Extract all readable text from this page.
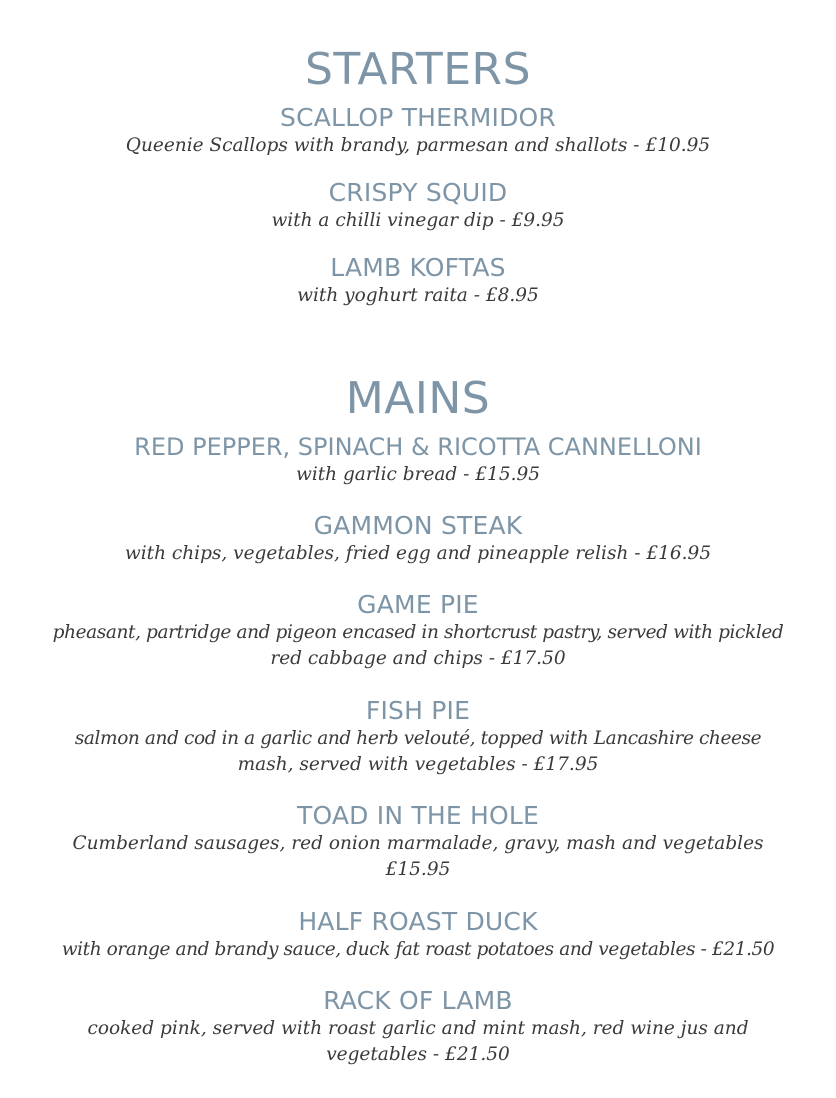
STARTERS

SCALLOP THERMIDOR

Queenie Scallops with brandy, parmesan and shallots - £10.95

CRISPY SQUID

with a chilli vinegar dip - £9.95

LAMB KOFTAS

with yoghurt raita - £8.95

MAINS

RED PEPPER, SPINACH & RICOTTA CANNELLONI

with garlic bread - £15.95

GAMMON STEAK

with chips, vegetables, fried egg and pineapple relish - £16.95

GAME PIE

pheasant, partridge and pigeon encased in shortcrust pastry, served with pickled

red cabbage and chips - £17.50

FISH PIE

salmon and cod in a garlic and herb velouté, topped with Lancashire cheese

mash, served with vegetables - £17.95

TOAD IN THE HOLE

Cumberland sausages, red onion marmalade, gravy, mash and vegetables

£15.95

HALF ROAST DUCK

with orange and brandy sauce, duck fat roast potatoes and vegetables - £21.50

RACK OF LAMB

cooked pink, served with roast garlic and mint mash, red wine jus and

vegetables - £21.50
